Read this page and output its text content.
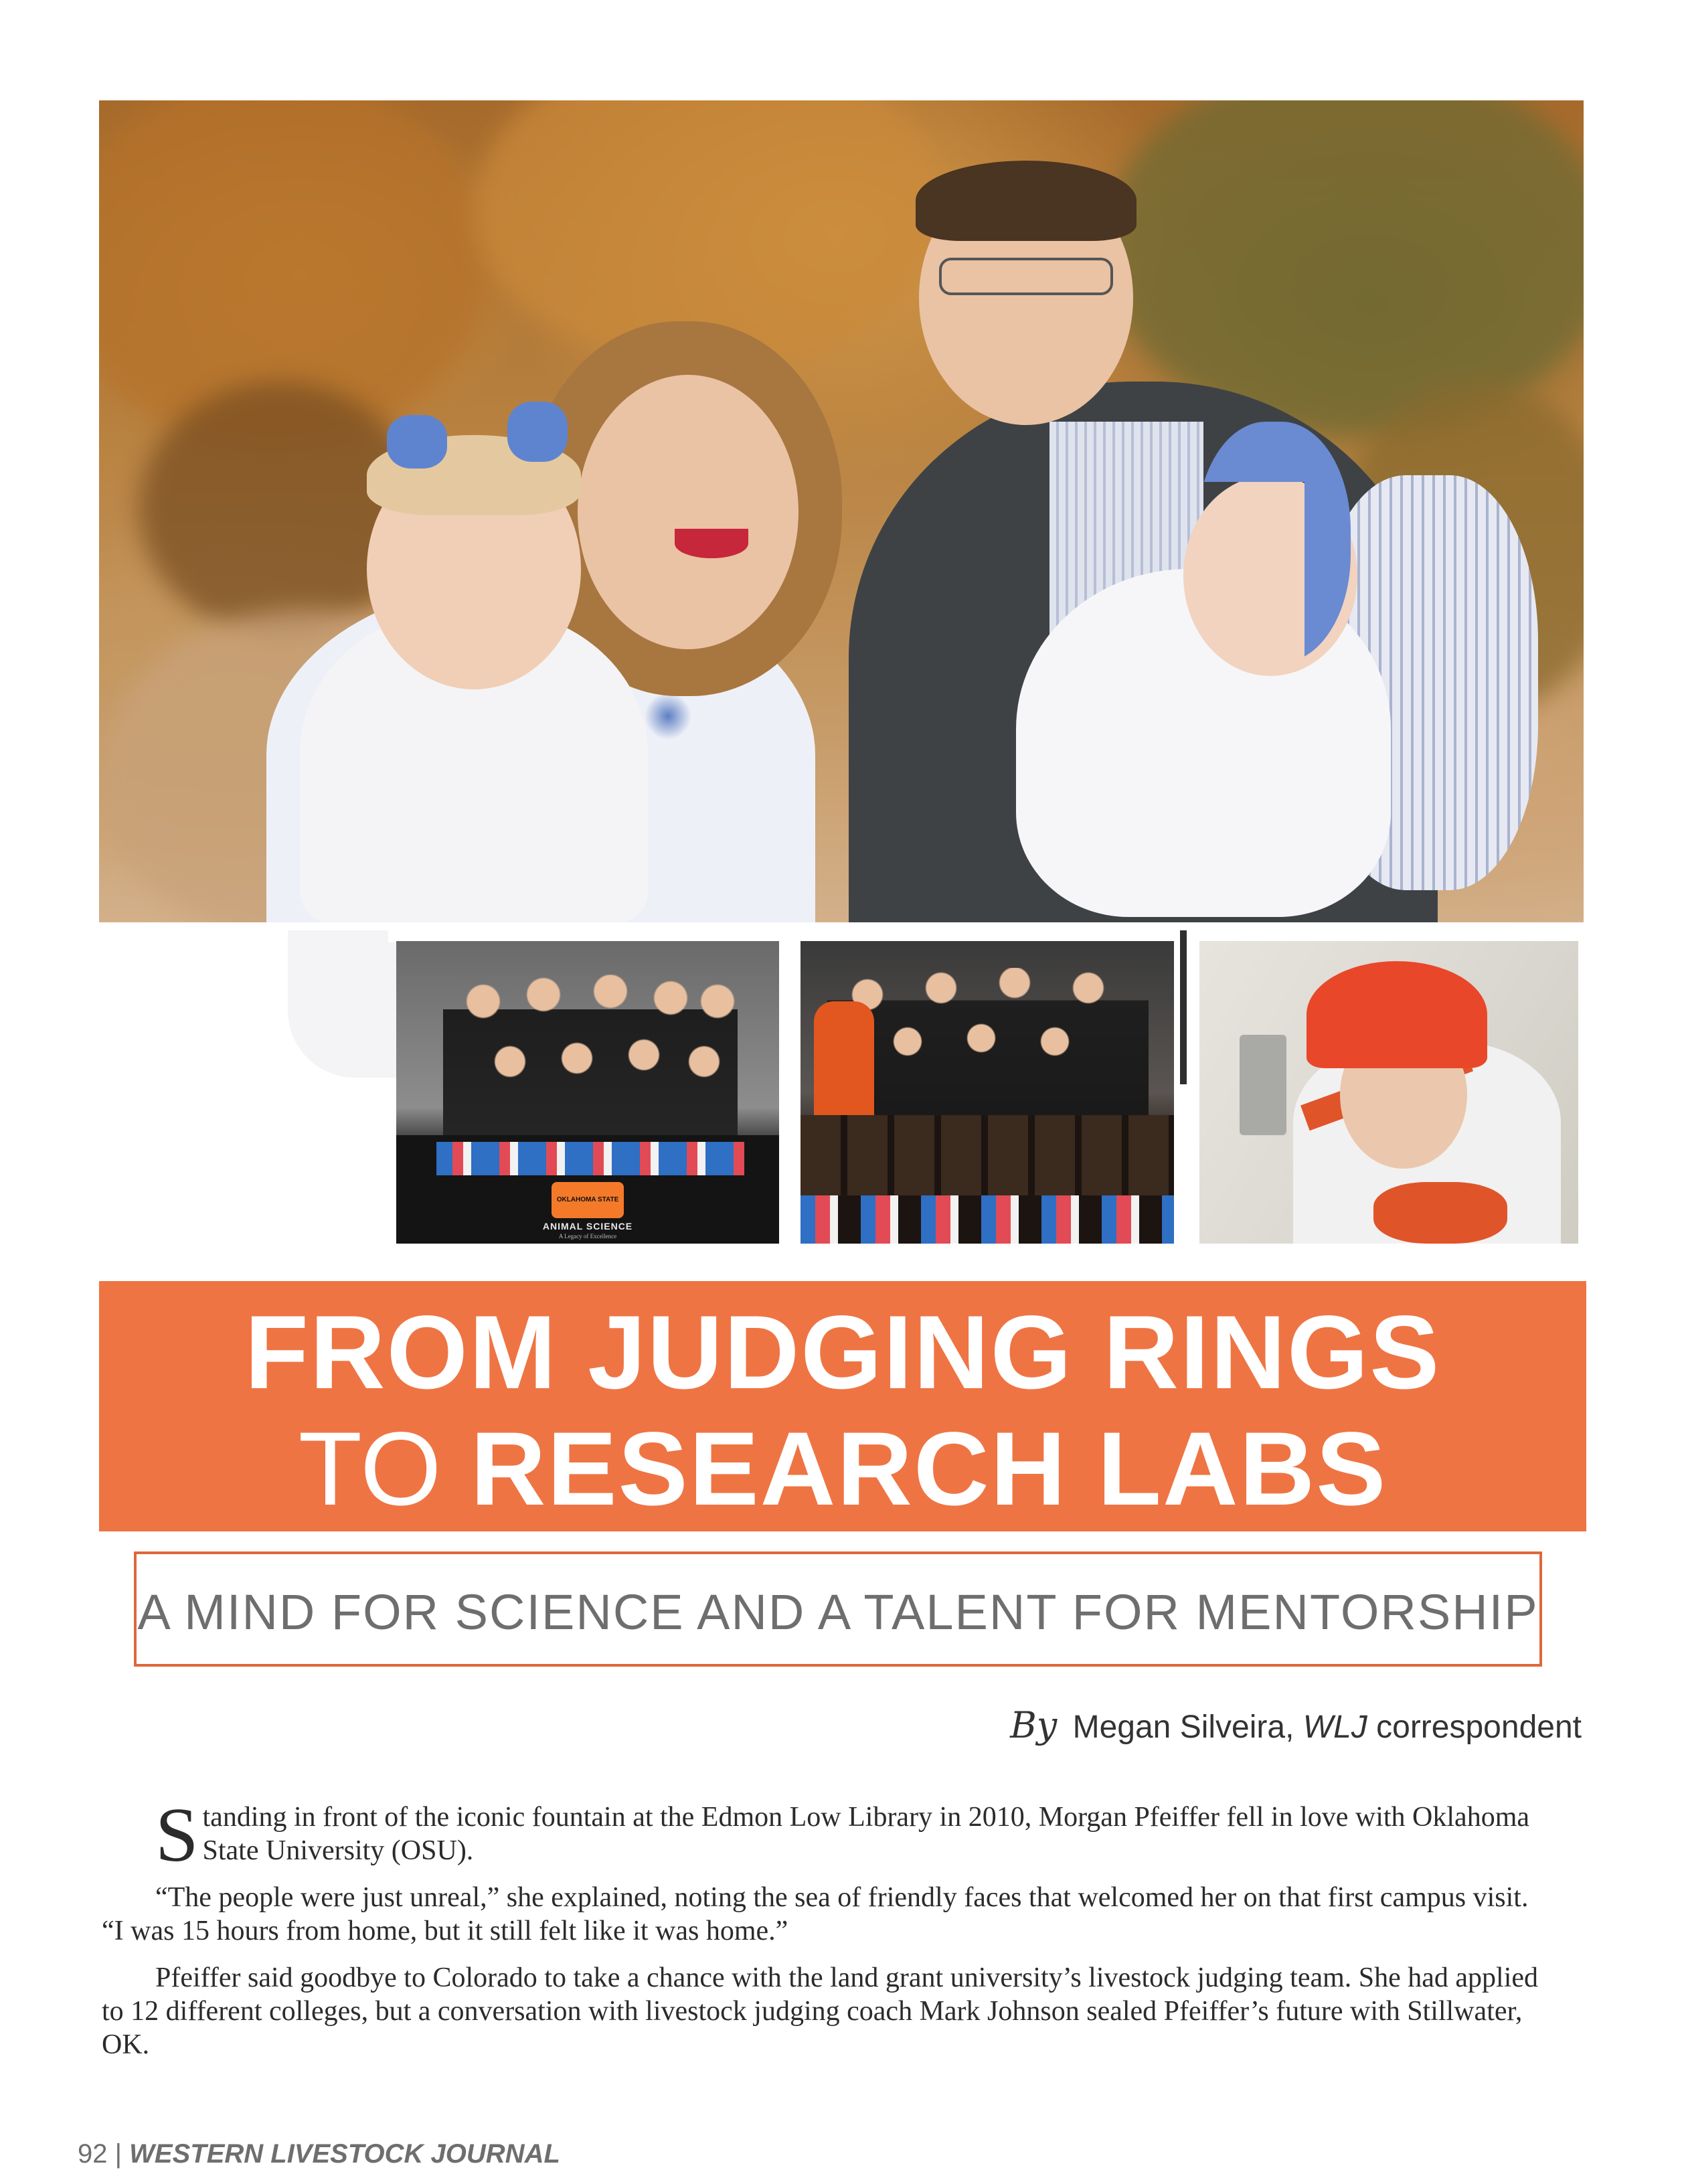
OKLAHOMA STATE
ANIMAL SCIENCE
A Legacy of Excellence
FROM JUDGING RINGS
TO RESEARCH LABS
A MIND FOR SCIENCE AND A TALENT FOR MENTORSHIP
By Megan Silveira, WLJ correspondent

Standing in front of the iconic fountain at the Edmon Low Library in 2010, Morgan Pfeiffer fell in love with Oklahoma State University (OSU).

“The people were just unreal,” she explained, noting the sea of friendly faces that welcomed her on that first campus visit. “I was 15 hours from home, but it still felt like it was home.”

Pfeiffer said goodbye to Colorado to take a chance with the land grant university’s livestock judging team. She had applied to 12 different colleges, but a conversation with livestock judging coach Mark Johnson sealed Pfeiffer’s future with Stillwater, OK.

92 | WESTERN LIVESTOCK JOURNAL
